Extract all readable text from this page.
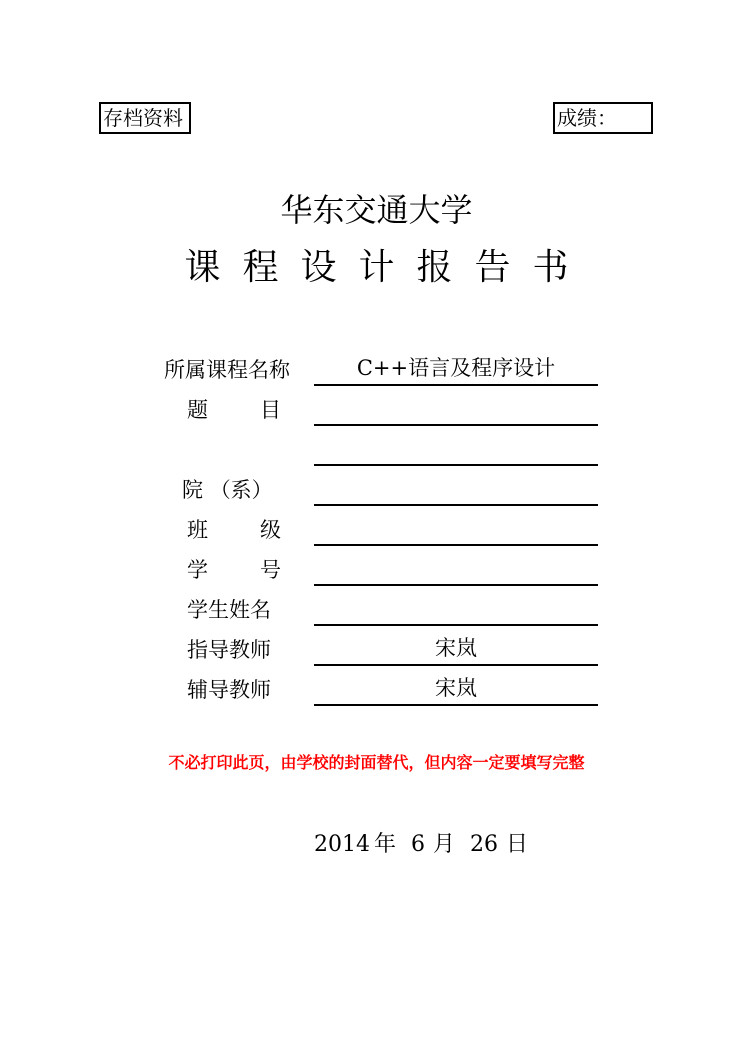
存档资料	成绩：
华东交通大学
课程设计报告书
所属课程名称	C++语言及程序设计
题 目
院 （系）
班 级
学 号
学生姓名
指导教师	宋岚
辅导教师	宋岚
不必打印此页，由学校的封面替代，但内容一定要填写完整
2014 年 6 月 26 日
